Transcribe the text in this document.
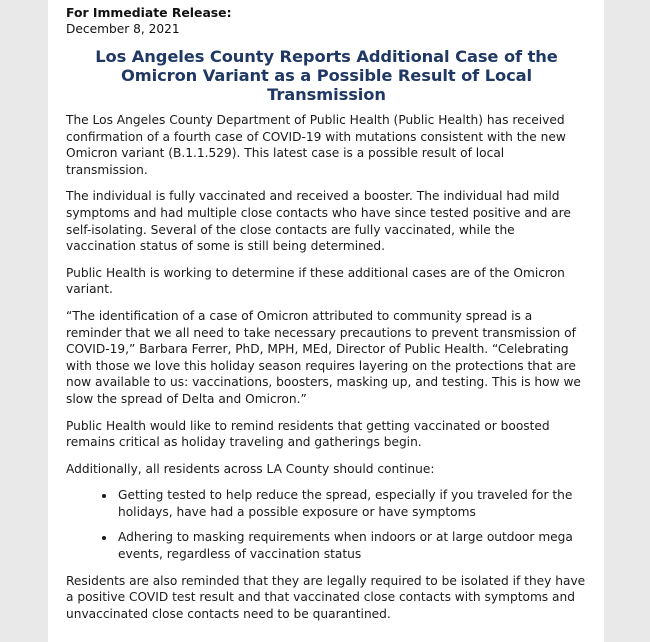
For Immediate Release:
December 8, 2021
Los Angeles County Reports Additional Case of the Omicron Variant as a Possible Result of Local Transmission

The Los Angeles County Department of Public Health (Public Health) has received confirmation of a fourth case of COVID-19 with mutations consistent with the new Omicron variant (B.1.1.529). This latest case is a possible result of local transmission.

The individual is fully vaccinated and received a booster. The individual had mild symptoms and had multiple close contacts who have since tested positive and are self-isolating. Several of the close contacts are fully vaccinated, while the vaccination status of some is still being determined.

Public Health is working to determine if these additional cases are of the Omicron variant.

“The identification of a case of Omicron attributed to community spread is a reminder that we all need to take necessary precautions to prevent transmission of COVID-19,” Barbara Ferrer, PhD, MPH, MEd, Director of Public Health. “Celebrating with those we love this holiday season requires layering on the protections that are now available to us: vaccinations, boosters, masking up, and testing. This is how we slow the spread of Delta and Omicron.”

Public Health would like to remind residents that getting vaccinated or boosted remains critical as holiday traveling and gatherings begin.

Additionally, all residents across LA County should continue:

• Getting tested to help reduce the spread, especially if you traveled for the holidays, have had a possible exposure or have symptoms
• Adhering to masking requirements when indoors or at large outdoor mega events, regardless of vaccination status

Residents are also reminded that they are legally required to be isolated if they have a positive COVID test result and that vaccinated close contacts with symptoms and unvaccinated close contacts need to be quarantined.
